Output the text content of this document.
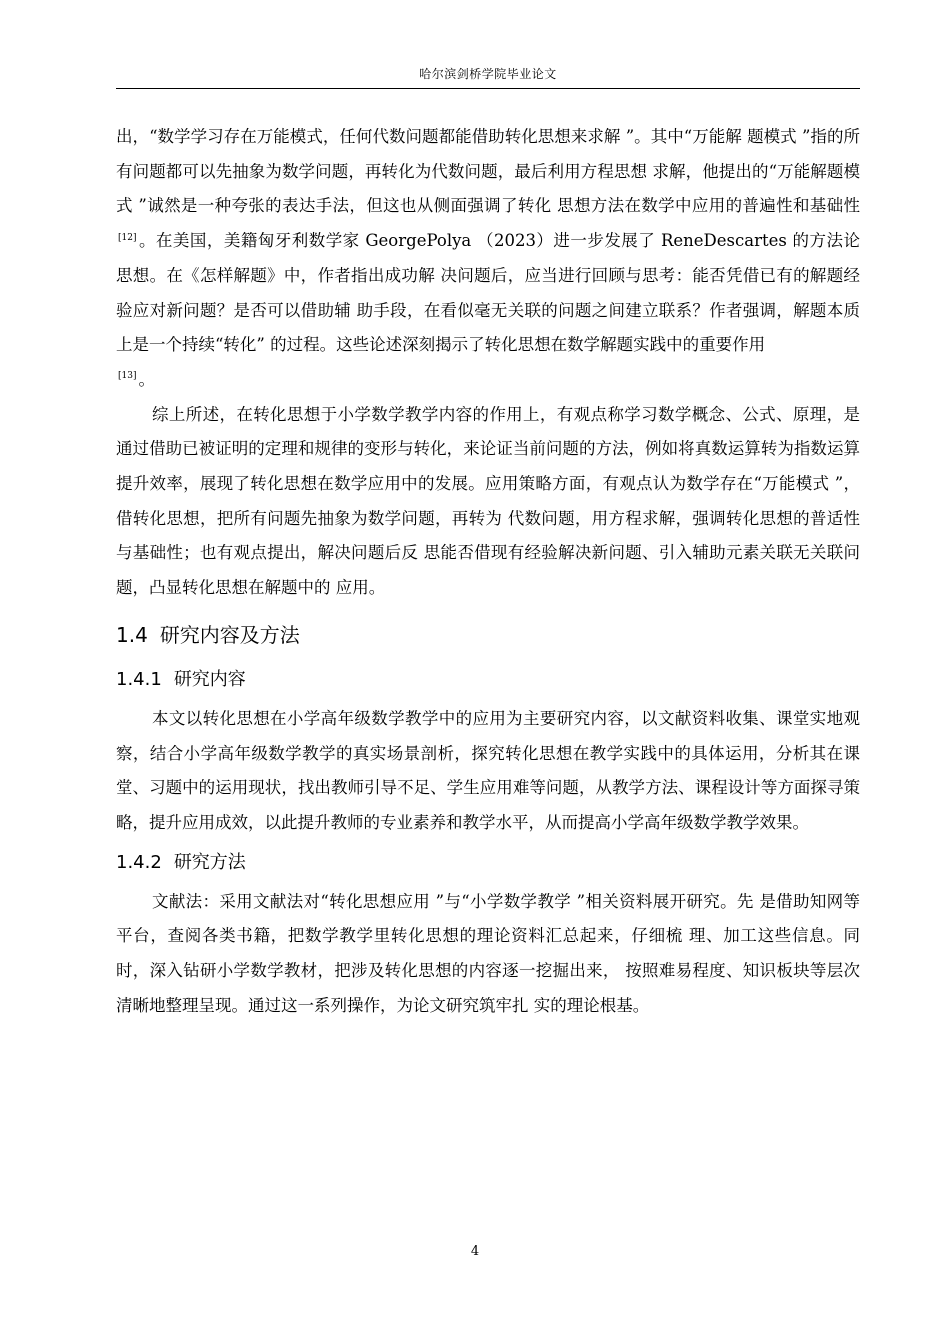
哈尔滨剑桥学院毕业论文

出，“数学学习存在万能模式，任何代数问题都能借助转化思想来求解 ”。其中“万能解 题模式 ”指的所有问题都可以先抽象为数学问题，再转化为代数问题，最后利用方程思想 求解，他提出的“万能解题模式 ”诚然是一种夸张的表达手法，但这也从侧面强调了转化 思想方法在数学中应用的普遍性和基础性[12] 。在美国，美籍匈牙利数学家 GeorgePolya （2023）进一步发展了 ReneDescartes 的方法论思想。在《怎样解题》中，作者指出成功解 决问题后，应当进行回顾与思考：能否凭借已有的解题经验应对新问题？是否可以借助辅 助手段，在看似毫无关联的问题之间建立联系？作者强调，解题本质上是一个持续“转化” 的过程。这些论述深刻揭示了转化思想在数学解题实践中的重要作用
[13] 。

综上所述，在转化思想于小学数学教学内容的作用上，有观点称学习数学概念、公式、原理，是通过借助已被证明的定理和规律的变形与转化，来论证当前问题的方法，例如将真数运算转为指数运算提升效率，展现了转化思想在数学应用中的发展。应用策略方面，有观点认为数学存在“万能模式 ”，借转化思想，把所有问题先抽象为数学问题，再转为 代数问题，用方程求解，强调转化思想的普适性与基础性；也有观点提出，解决问题后反 思能否借现有经验解决新问题、引入辅助元素关联无关联问题，凸显转化思想在解题中的 应用。

1.4 研究内容及方法
1.4.1 研究内容

本文以转化思想在小学高年级数学教学中的应用为主要研究内容，以文献资料收集、课堂实地观察，结合小学高年级数学教学的真实场景剖析，探究转化思想在教学实践中的具体运用，分析其在课堂、习题中的运用现状，找出教师引导不足、学生应用难等问题，从教学方法、课程设计等方面探寻策略，提升应用成效，以此提升教师的专业素养和教学水平，从而提高小学高年级数学教学效果。

1.4.2 研究方法

文献法：采用文献法对“转化思想应用 ”与“小学数学教学 ”相关资料展开研究。先 是借助知网等平台，查阅各类书籍，把数学教学里转化思想的理论资料汇总起来，仔细梳 理、加工这些信息。同时，深入钻研小学数学教材，把涉及转化思想的内容逐一挖掘出来， 按照难易程度、知识板块等层次清晰地整理呈现。通过这一系列操作，为论文研究筑牢扎 实的理论根基。

4
